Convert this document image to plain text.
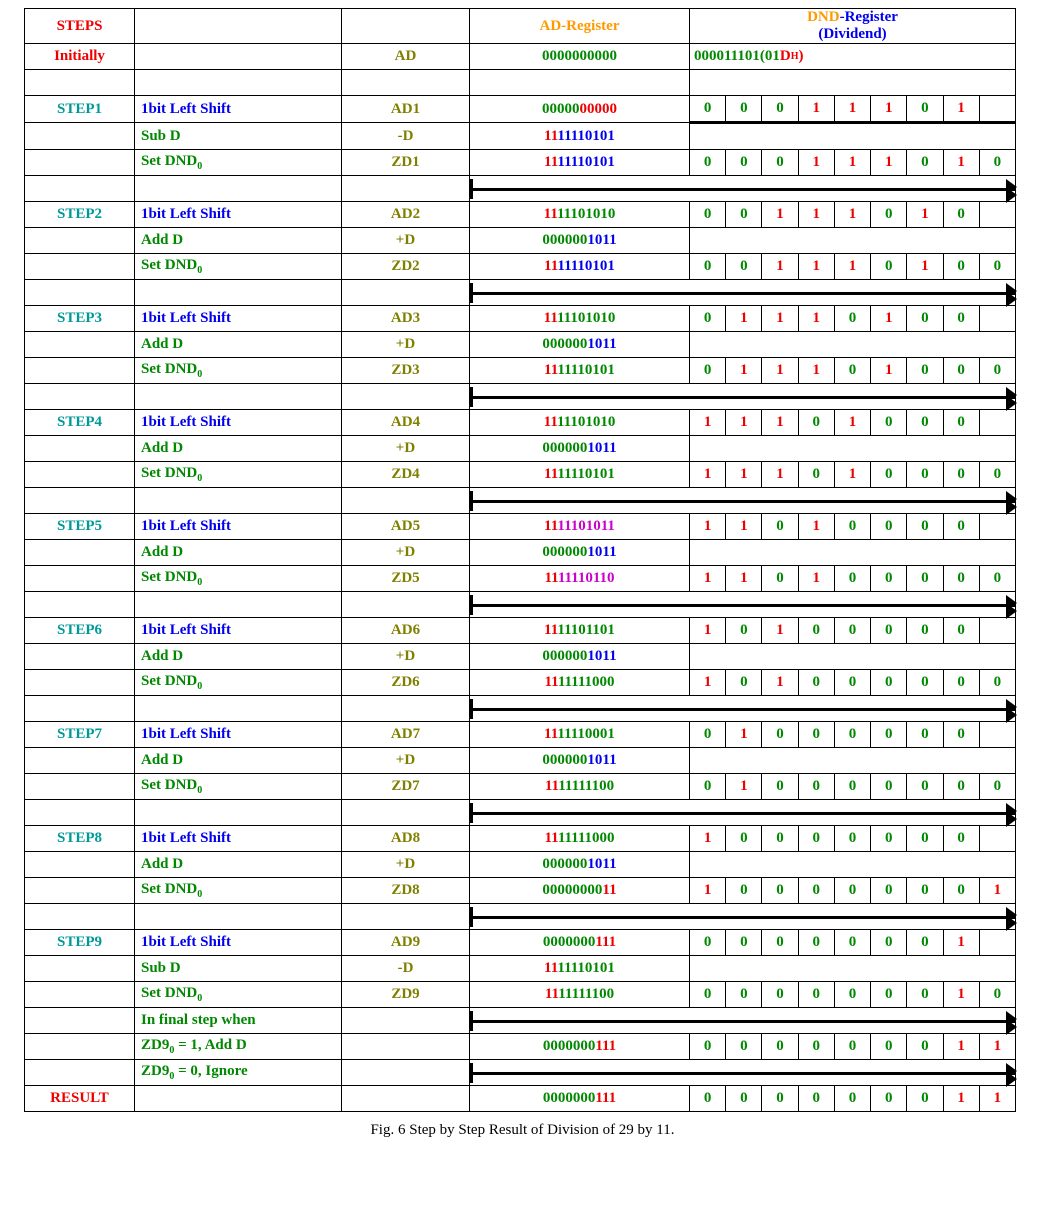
STEPS			AD-Register	DND-Register
(Dividend)

Initially		AD	0000000000	000011101(01 D H )

STEP1	1bit Left Shift	AD1	0000000000	0	0	0	1	1	1	0	1

	Sub D	-D	1111110101	
	Set $DND_0$	ZD1	1111110101	0	0	0	1	1	1	0	1	0

STEP2	1bit Left Shift	AD2	1111101010	0	0	1	1	1	0	1	0

	Add D	+D	0000001011	
	Set $DND_0$	ZD2	1111110101	0	0	1	1	1	0	1	0	0

STEP3	1bit Left Shift	AD3	1111101010	0	1	1	1	0	1	0	0

	Add D	+D	0000001011	
	Set $DND_0$	ZD3	1111110101	0	1	1	1	0	1	0	0	0

STEP4	1bit Left Shift	AD4	1111101010	1	1	1	0	1	0	0	0

	Add D	+D	0000001011	
	Set $DND_0$	ZD4	1111110101	1	1	1	0	1	0	0	0	0

STEP5	1bit Left Shift	AD5	1111101011	1	1	0	1	0	0	0	0

	Add D	+D	0000001011	
	Set $DND_0$	ZD5	1111110110	1	1	0	1	0	0	0	0	0

STEP6	1bit Left Shift	AD6	1111101101	1	0	1	0	0	0	0	0

	Add D	+D	0000001011	
	Set $DND_0$	ZD6	1111111000	1	0	1	0	0	0	0	0	0

STEP7	1bit Left Shift	AD7	1111110001	0	1	0	0	0	0	0	0

	Add D	+D	0000001011	
	Set $DND_0$	ZD7	1111111100	0	1	0	0	0	0	0	0	0

STEP8	1bit Left Shift	AD8	1111111000	1	0	0	0	0	0	0	0

	Add D	+D	0000001011	
	Set $DND_0$	ZD8	0000000011	1	0	0	0	0	0	0	0	1

STEP9	1bit Left Shift	AD9	0000000111	0	0	0	0	0	0	0	1

	Sub D	-D	1111110101	
	Set $DND_0$	ZD9	1111111100	0	0	0	0	0	0	0	1	0

	In final step when			

	$ZD9_0 = 1$, Add D		0000000111	0	0	0	0	0	0	0	1	1

	$ZD9_0 = 0$, Ignore			

RESULT			0000000111	0	0	0	0	0	0	0	1	1
Fig. 6 Step by Step Result of Division of 29 by 11.
